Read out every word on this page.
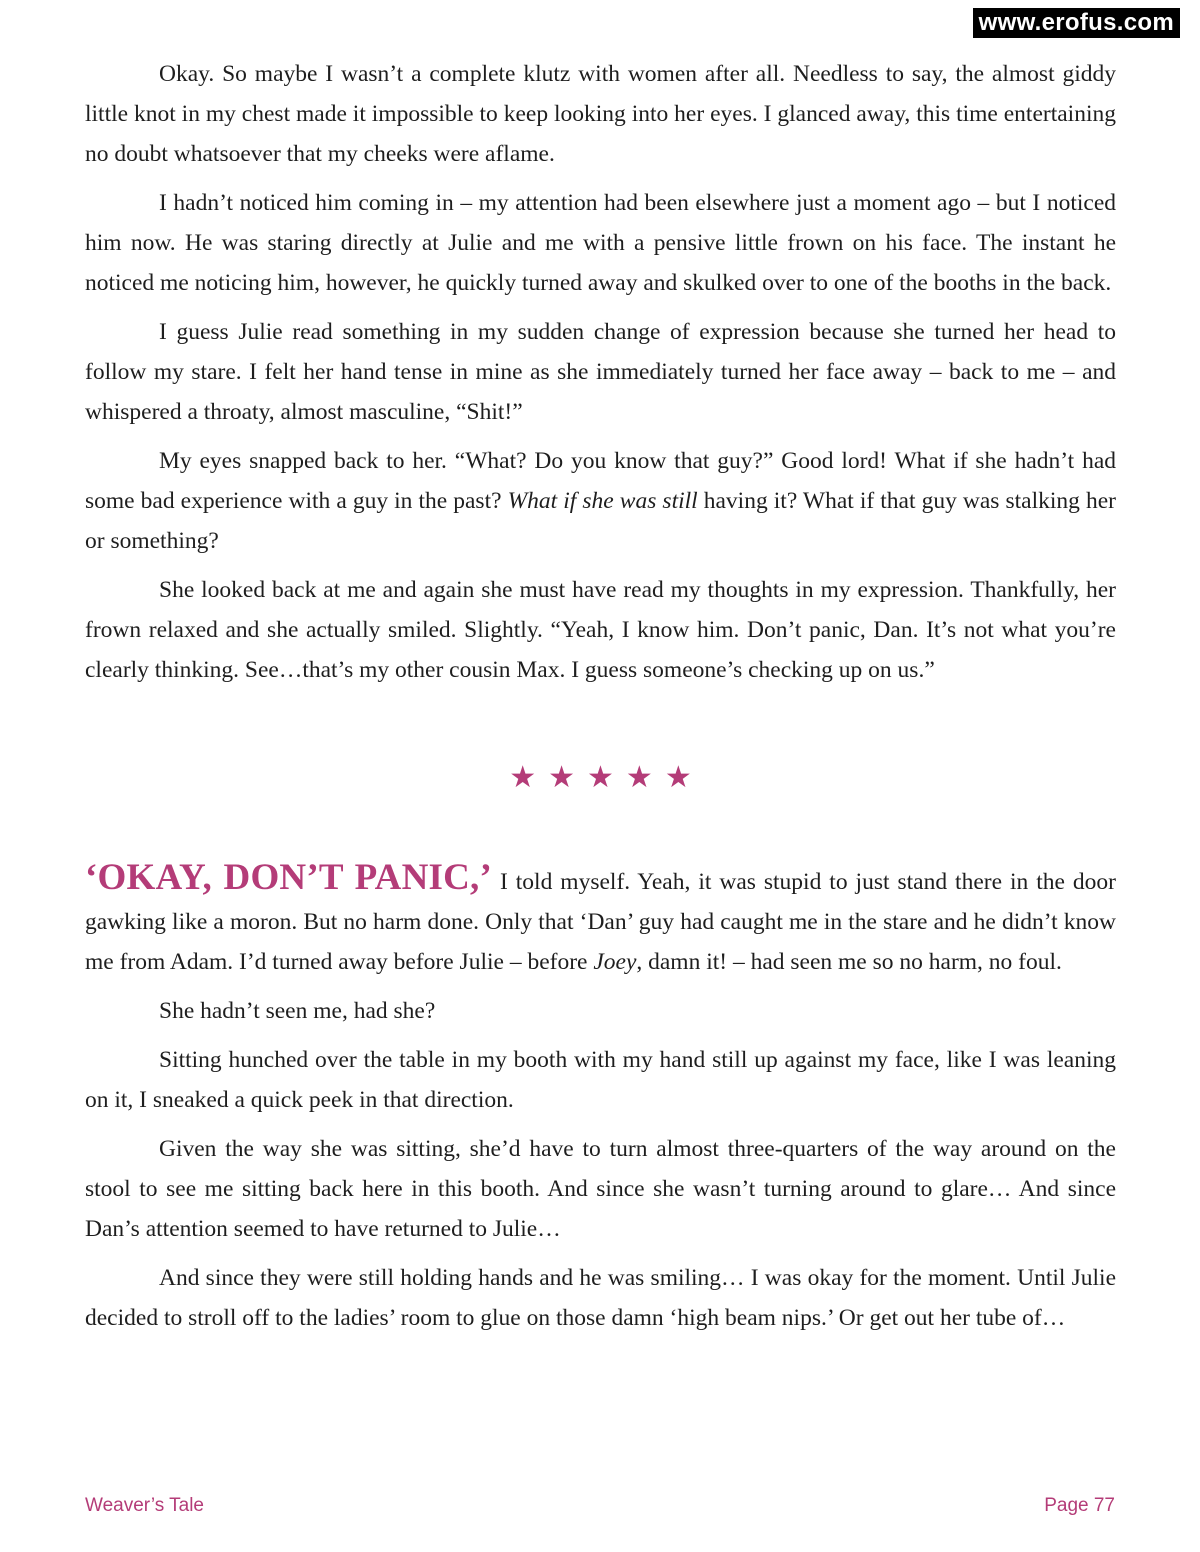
www.erofus.com

Okay. So maybe I wasn’t a complete klutz with women after all. Needless to say, the almost giddy little knot in my chest made it impossible to keep looking into her eyes. I glanced away, this time entertaining no doubt whatsoever that my cheeks were aflame.

I hadn’t noticed him coming in – my attention had been elsewhere just a moment ago – but I noticed him now. He was staring directly at Julie and me with a pensive little frown on his face. The instant he noticed me noticing him, however, he quickly turned away and skulked over to one of the booths in the back.

I guess Julie read something in my sudden change of expression because she turned her head to follow my stare. I felt her hand tense in mine as she immediately turned her face away – back to me – and whispered a throaty, almost masculine, “Shit!”

My eyes snapped back to her. “What? Do you know that guy?” Good lord! What if she hadn’t had some bad experience with a guy in the past? What if she was still having it? What if that guy was stalking her or something?

She looked back at me and again she must have read my thoughts in my expression. Thankfully, her frown relaxed and she actually smiled. Slightly. “Yeah, I know him. Don’t panic, Dan. It’s not what you’re clearly thinking. See…that’s my other cousin Max. I guess someone’s checking up on us.”

★★★★★

‘OKAY, DON’T PANIC,’ I told myself. Yeah, it was stupid to just stand there in the door gawking like a moron. But no harm done. Only that ‘Dan’ guy had caught me in the stare and he didn’t know me from Adam. I’d turned away before Julie – before Joey, damn it! – had seen me so no harm, no foul.

She hadn’t seen me, had she?

Sitting hunched over the table in my booth with my hand still up against my face, like I was leaning on it, I sneaked a quick peek in that direction.

Given the way she was sitting, she’d have to turn almost three-quarters of the way around on the stool to see me sitting back here in this booth. And since she wasn’t turning around to glare… And since Dan’s attention seemed to have returned to Julie…

And since they were still holding hands and he was smiling… I was okay for the moment. Until Julie decided to stroll off to the ladies’ room to glue on those damn ‘high beam nips.’ Or get out her tube of…

Weaver’s Tale	Page 77
